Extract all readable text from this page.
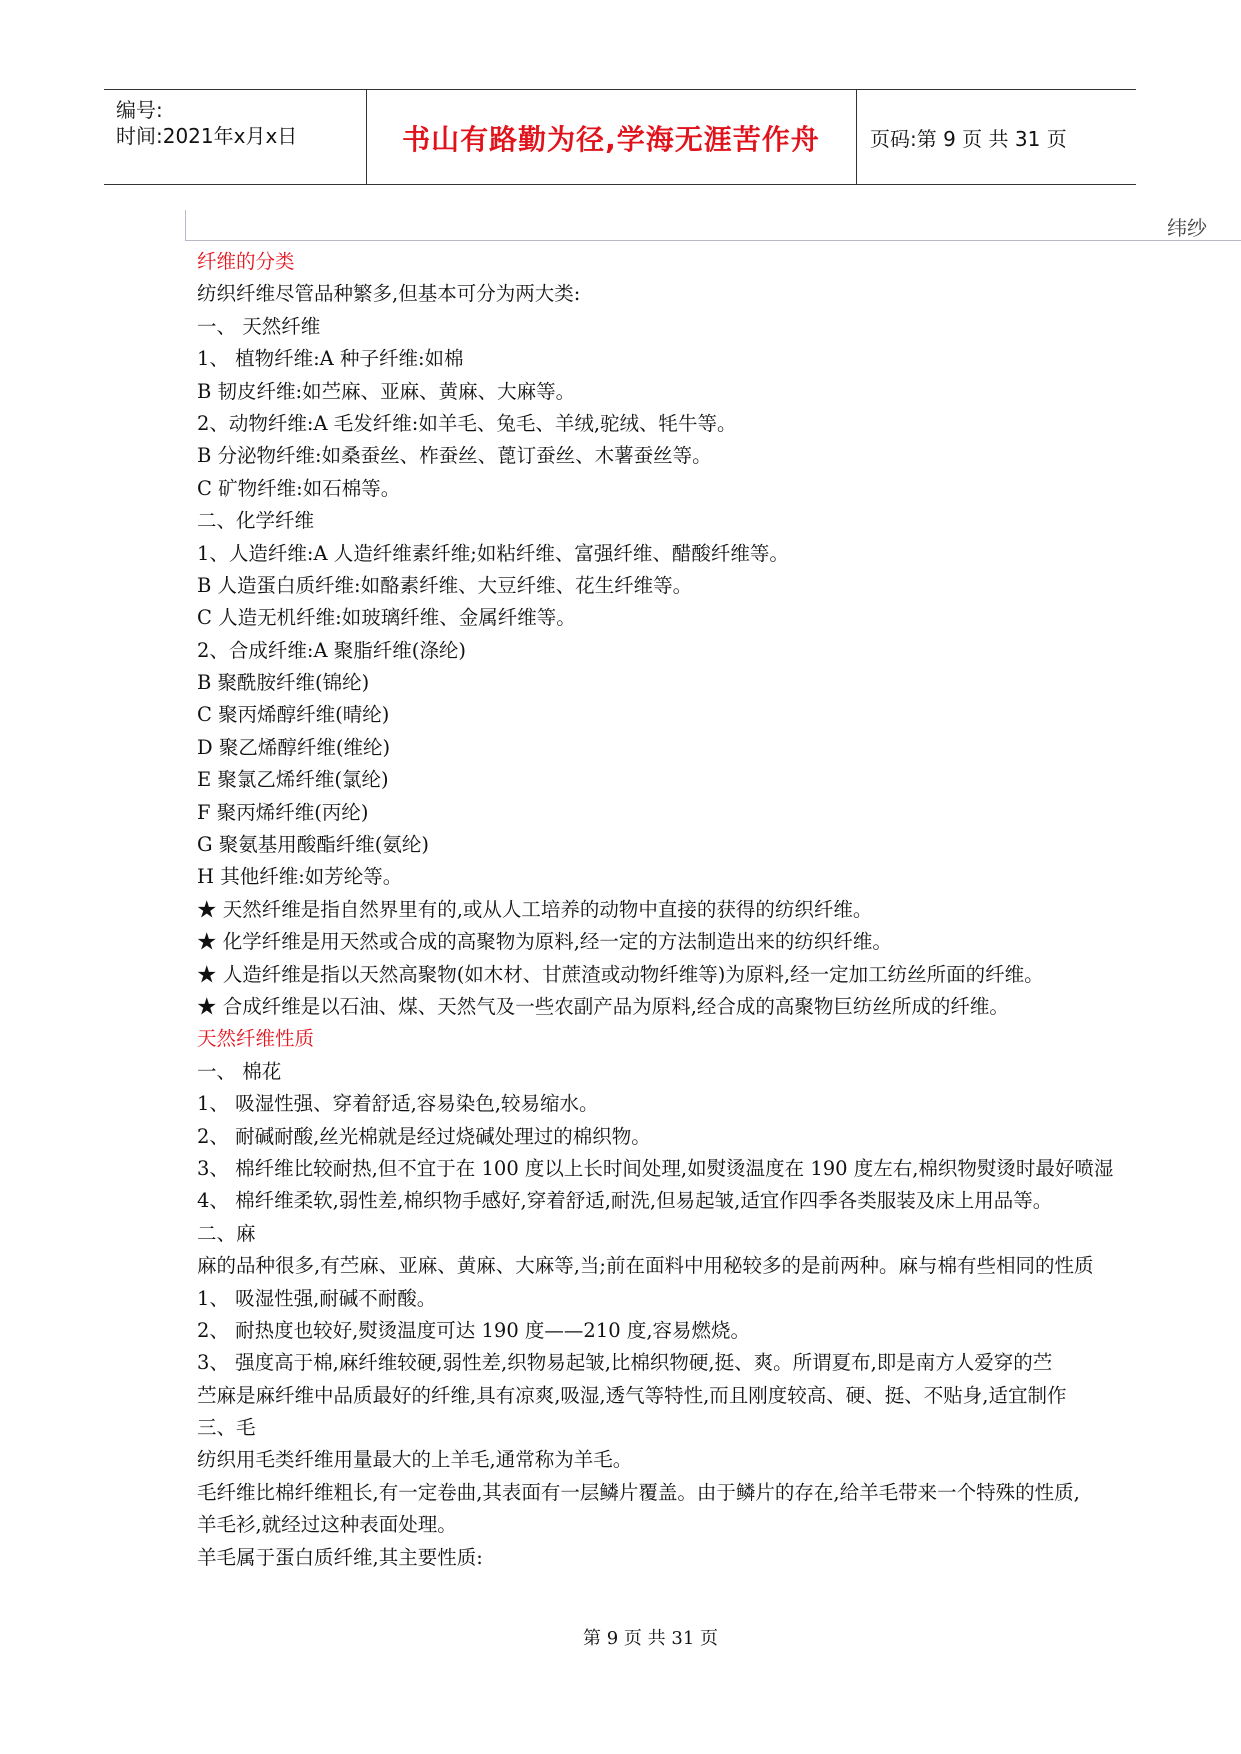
编号:
时间:2021年x月x日	书山有路勤为径,学海无涯苦作舟	页码:第 9 页 共 31 页
纬纱
纤维的分类
纺织纤维尽管品种繁多,但基本可分为两大类:
一、 天然纤维
1、 植物纤维:A 种子纤维:如棉
B 韧皮纤维:如苎麻、亚麻、黄麻、大麻等。
2、动物纤维:A 毛发纤维:如羊毛、兔毛、羊绒,驼绒、牦牛等。
B 分泌物纤维:如桑蚕丝、柞蚕丝、蓖订蚕丝、木薯蚕丝等。
C 矿物纤维:如石棉等。
二、化学纤维
1、人造纤维:A 人造纤维素纤维;如粘纤维、富强纤维、醋酸纤维等。
B 人造蛋白质纤维:如酪素纤维、大豆纤维、花生纤维等。
C 人造无机纤维:如玻璃纤维、金属纤维等。
2、合成纤维:A 聚脂纤维(涤纶)
B 聚酰胺纤维(锦纶)
C 聚丙烯醇纤维(晴纶)
D 聚乙烯醇纤维(维纶)
E 聚氯乙烯纤维(氯纶)
F 聚丙烯纤维(丙纶)
G 聚氨基用酸酯纤维(氨纶)
H 其他纤维:如芳纶等。
★ 天然纤维是指自然界里有的,或从人工培养的动物中直接的获得的纺织纤维。
★ 化学纤维是用天然或合成的高聚物为原料,经一定的方法制造出来的纺织纤维。
★ 人造纤维是指以天然高聚物(如木材、甘蔗渣或动物纤维等)为原料,经一定加工纺丝所面的纤维。
★ 合成纤维是以石油、煤、天然气及一些农副产品为原料,经合成的高聚物巨纺丝所成的纤维。
天然纤维性质
一、 棉花
1、 吸湿性强、穿着舒适,容易染色,较易缩水。
2、 耐碱耐酸,丝光棉就是经过烧碱处理过的棉织物。
3、 棉纤维比较耐热,但不宜于在 100 度以上长时间处理,如熨烫温度在 190 度左右,棉织物熨烫时最好喷湿
4、 棉纤维柔软,弱性差,棉织物手感好,穿着舒适,耐洗,但易起皱,适宜作四季各类服装及床上用品等。
二、麻
麻的品种很多,有苎麻、亚麻、黄麻、大麻等,当;前在面料中用秘较多的是前两种。麻与棉有些相同的性质
1、 吸湿性强,耐碱不耐酸。
2、 耐热度也较好,熨烫温度可达 190 度——210 度,容易燃烧。
3、 强度高于棉,麻纤维较硬,弱性差,织物易起皱,比棉织物硬,挺、爽。所谓夏布,即是南方人爱穿的苎
苎麻是麻纤维中品质最好的纤维,具有凉爽,吸湿,透气等特性,而且刚度较高、硬、挺、不贴身,适宜制作
三、毛
纺织用毛类纤维用量最大的上羊毛,通常称为羊毛。
毛纤维比棉纤维粗长,有一定卷曲,其表面有一层鳞片覆盖。由于鳞片的存在,给羊毛带来一个特殊的性质,
羊毛衫,就经过这种表面处理。
羊毛属于蛋白质纤维,其主要性质:
第 9 页 共 31 页
